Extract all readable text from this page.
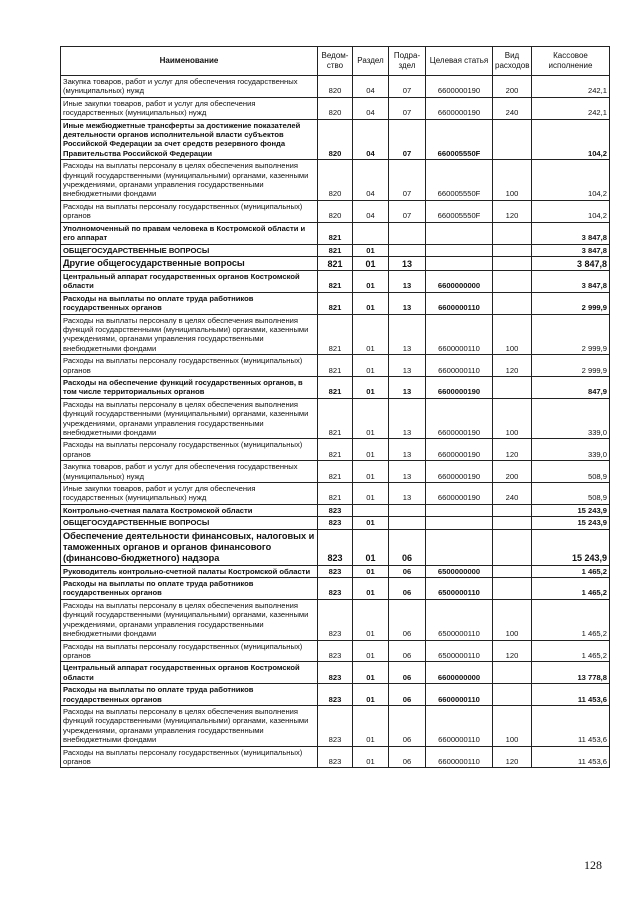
Наименование	Ведом-ство	Раздел	Подра-здел	Целевая статья	Вид расходов	Кассовое исполнение
Закупка товаров, работ и услуг для обеспечения государственных (муниципальных) нужд	820	04	07	6600000190	200	242,1
Иные закупки товаров, работ и услуг для обеспечения государственных (муниципальных) нужд	820	04	07	6600000190	240	242,1
Иные межбюджетные трансферты за достижение показателей деятельности органов исполнительной власти субъектов Российской Федерации за счет средств резервного фонда Правительства Российской Федерации	820	04	07	660005550F		104,2
Расходы на выплаты персоналу в целях обеспечения выполнения функций государственными (муниципальными) органами, казенными учреждениями, органами управления государственными внебюджетными фондами	820	04	07	660005550F	100	104,2
Расходы на выплаты персоналу государственных (муниципальных) органов	820	04	07	660005550F	120	104,2
Уполномоченный по правам человека в Костромской области и его аппарат	821					3 847,8
ОБЩЕГОСУДАРСТВЕННЫЕ ВОПРОСЫ	821	01				3 847,8
Другие общегосударственные вопросы	821	01	13			3 847,8
Центральный аппарат государственных органов Костромской области	821	01	13	6600000000		3 847,8
Расходы на выплаты по оплате труда работников государственных органов	821	01	13	6600000110		2 999,9
Расходы на выплаты персоналу в целях обеспечения выполнения функций государственными (муниципальными) органами, казенными учреждениями, органами управления государственными внебюджетными фондами	821	01	13	6600000110	100	2 999,9
Расходы на выплаты персоналу государственных (муниципальных) органов	821	01	13	6600000110	120	2 999,9
Расходы на обеспечение функций государственных органов, в том числе территориальных органов	821	01	13	6600000190		847,9
Расходы на выплаты персоналу в целях обеспечения выполнения функций государственными (муниципальными) органами, казенными учреждениями, органами управления государственными внебюджетными фондами	821	01	13	6600000190	100	339,0
Расходы на выплаты персоналу государственных (муниципальных) органов	821	01	13	6600000190	120	339,0
Закупка товаров, работ и услуг для обеспечения государственных (муниципальных) нужд	821	01	13	6600000190	200	508,9
Иные закупки товаров, работ и услуг для обеспечения государственных (муниципальных) нужд	821	01	13	6600000190	240	508,9
Контрольно-счетная палата Костромской области	823					15 243,9
ОБЩЕГОСУДАРСТВЕННЫЕ ВОПРОСЫ	823	01				15 243,9
Обеспечение деятельности финансовых, налоговых и таможенных органов и органов финансового (финансово-бюджетного) надзора	823	01	06			15 243,9
Руководитель контрольно-счетной палаты Костромской области	823	01	06	6500000000		1 465,2
Расходы на выплаты по оплате труда работников государственных органов	823	01	06	6500000110		1 465,2
Расходы на выплаты персоналу в целях обеспечения выполнения функций государственными (муниципальными) органами, казенными учреждениями, органами управления государственными внебюджетными фондами	823	01	06	6500000110	100	1 465,2
Расходы на выплаты персоналу государственных (муниципальных) органов	823	01	06	6500000110	120	1 465,2
Центральный аппарат государственных органов Костромской области	823	01	06	6600000000		13 778,8
Расходы на выплаты по оплате труда работников государственных органов	823	01	06	6600000110		11 453,6
Расходы на выплаты персоналу в целях обеспечения выполнения функций государственными (муниципальными) органами, казенными учреждениями, органами управления государственными внебюджетными фондами	823	01	06	6600000110	100	11 453,6
Расходы на выплаты персоналу государственных (муниципальных) органов	823	01	06	6600000110	120	11 453,6
128
